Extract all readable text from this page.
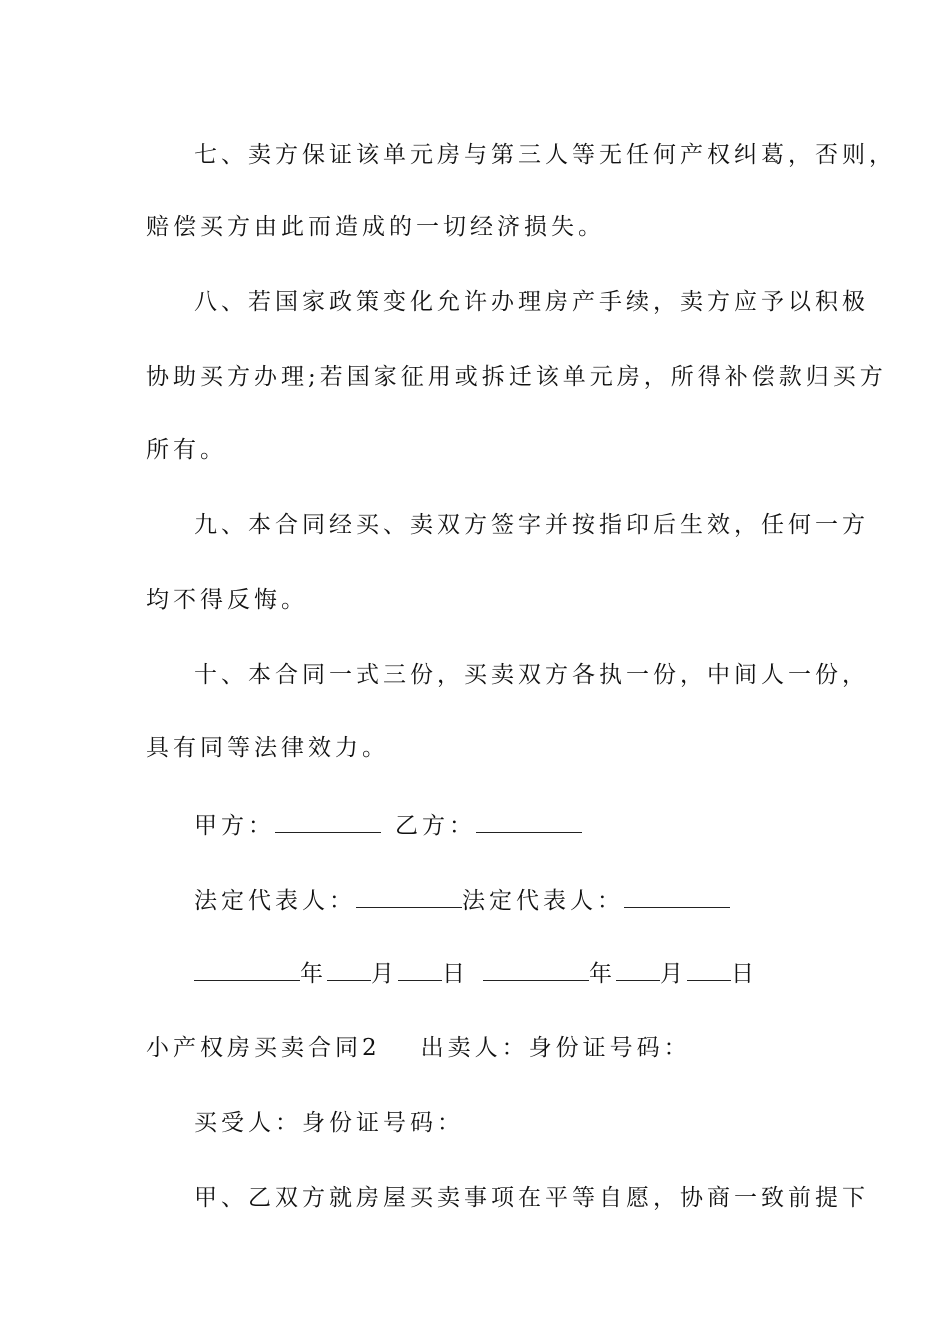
七、卖方保证该单元房与第三人等无任何产权纠葛，否则，
赔偿买方由此而造成的一切经济损失。
八、若国家政策变化允许办理房产手续，卖方应予以积极
协助买方办理;若国家征用或拆迁该单元房，所得补偿款归买方
所有。
九、本合同经买、卖双方签字并按指印后生效，任何一方
均不得反悔。
十、本合同一式三份，买卖双方各执一份，中间人一份，
具有同等法律效力。
甲方：	乙方：
法定代表人：	法定代表人：
年 月 日	年 月 日
小产权房买卖合同2 出卖人：身份证号码：
买受人：身份证号码：
甲、乙双方就房屋买卖事项在平等自愿，协商一致前提下
